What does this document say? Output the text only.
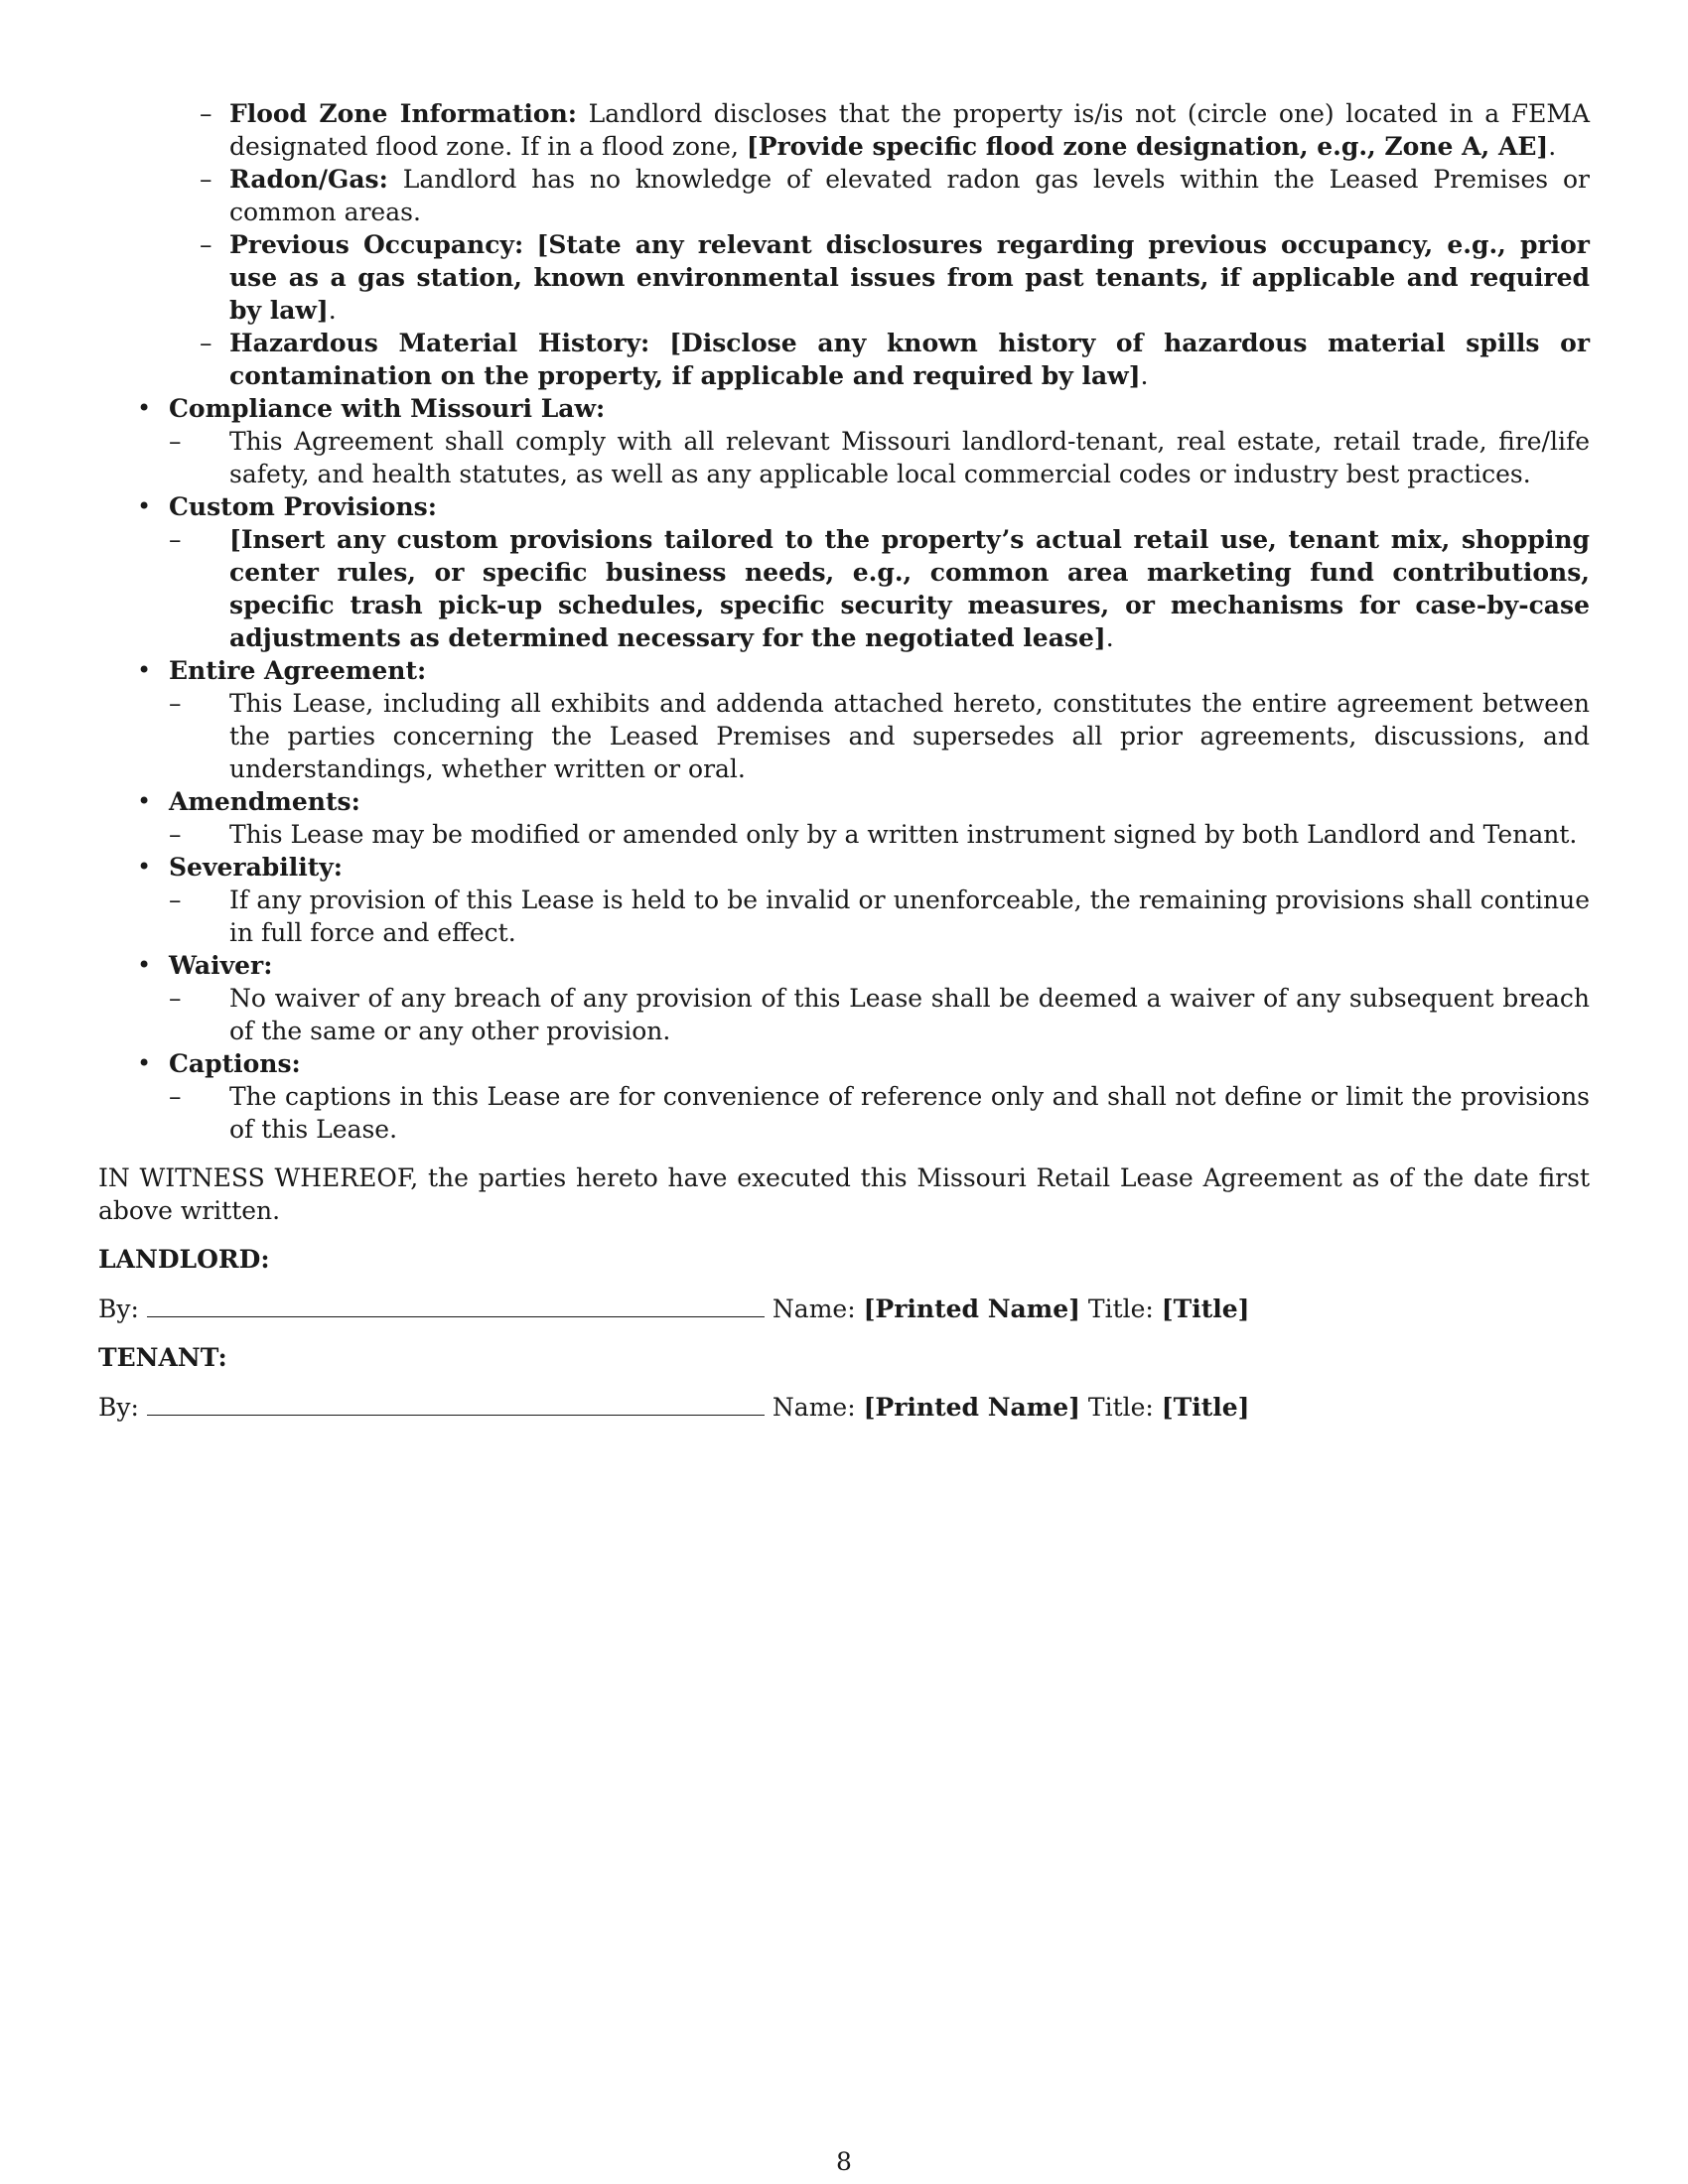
– Flood Zone Information: Landlord discloses that the property is/is not (circle one) located in a FEMA designated flood zone. If in a flood zone, [Provide specific flood zone designation, e.g., Zone A, AE].
– Radon/Gas: Landlord has no knowledge of elevated radon gas levels within the Leased Premises or common areas.
– Previous Occupancy: [State any relevant disclosures regarding previous occupancy, e.g., prior use as a gas station, known environmental issues from past tenants, if applicable and required by law].
– Hazardous Material History: [Disclose any known history of hazardous material spills or contamination on the property, if applicable and required by law].
• Compliance with Missouri Law:
– This Agreement shall comply with all relevant Missouri landlord-tenant, real estate, retail trade, fire/life safety, and health statutes, as well as any applicable local commercial codes or industry best practices.
• Custom Provisions:
– [Insert any custom provisions tailored to the property’s actual retail use, tenant mix, shopping center rules, or specific business needs, e.g., common area marketing fund contributions, specific trash pick-up schedules, specific security measures, or mechanisms for case-by-case adjustments as determined necessary for the negotiated lease].
• Entire Agreement:
– This Lease, including all exhibits and addenda attached hereto, constitutes the entire agreement between the parties concerning the Leased Premises and supersedes all prior agreements, discussions, and understandings, whether written or oral.
• Amendments:
– This Lease may be modified or amended only by a written instrument signed by both Landlord and Tenant.
• Severability:
– If any provision of this Lease is held to be invalid or unenforceable, the remaining provisions shall continue in full force and effect.
• Waiver:
– No waiver of any breach of any provision of this Lease shall be deemed a waiver of any subsequent breach of the same or any other provision.
• Captions:
– The captions in this Lease are for convenience of reference only and shall not define or limit the provisions of this Lease.
IN WITNESS WHEREOF, the parties hereto have executed this Missouri Retail Lease Agreement as of the date first above written.
LANDLORD:
By:	Name: [Printed Name] Title: [Title]
TENANT:
By:	Name: [Printed Name] Title: [Title]
8
